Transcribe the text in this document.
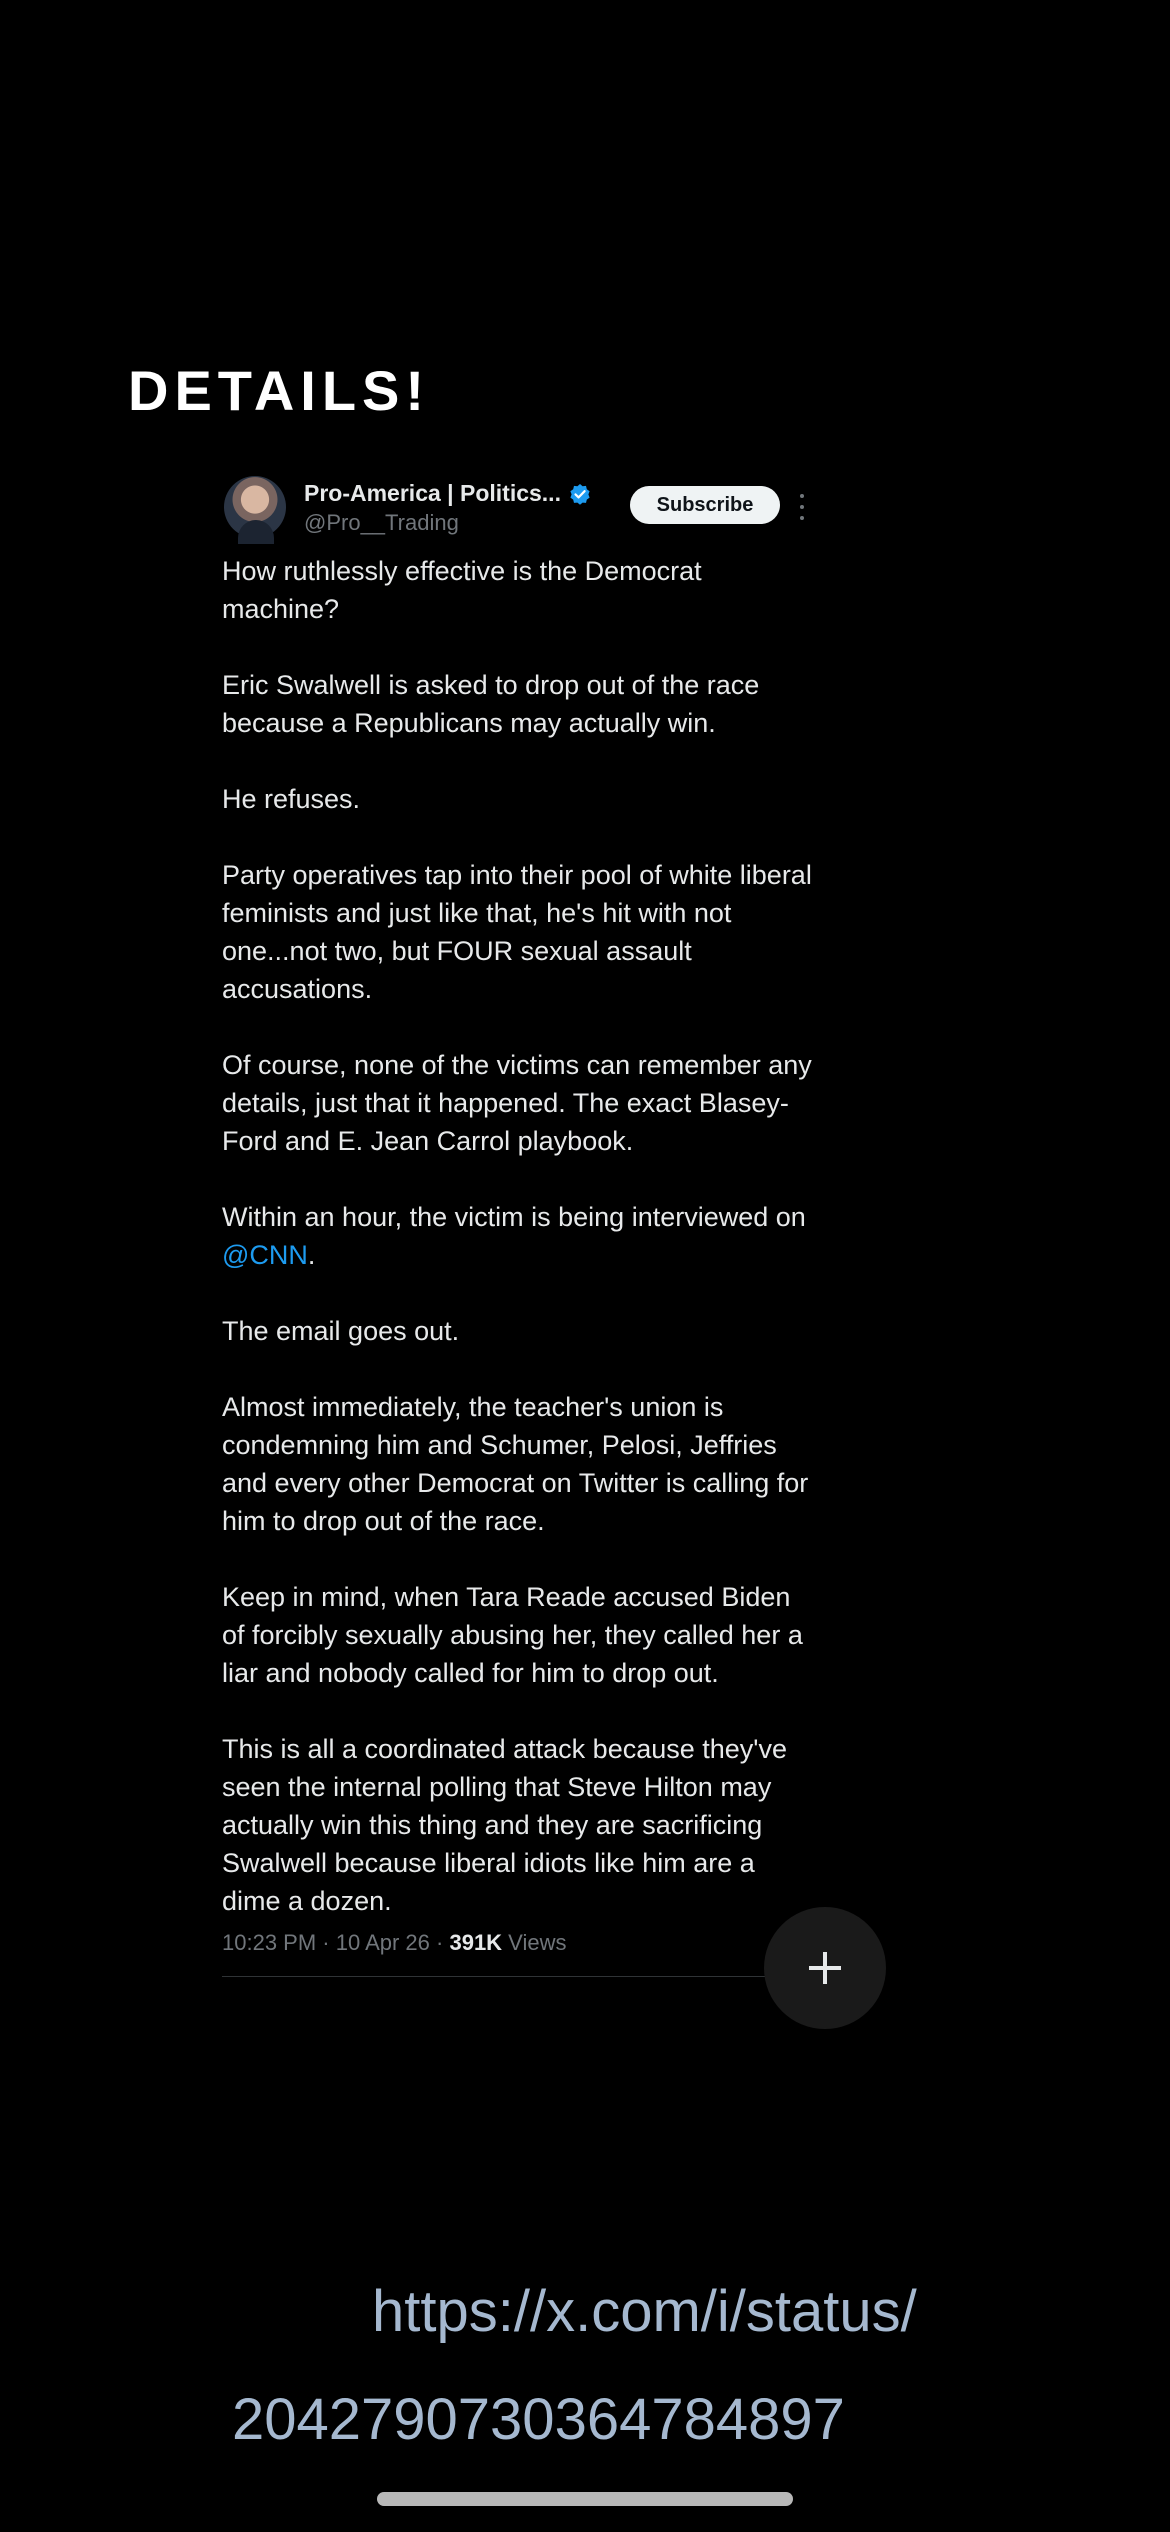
DETAILS!
Pro-America | Politics...
@Pro__Trading
Subscribe

How ruthlessly effective is the Democrat machine?

Eric Swalwell is asked to drop out of the race because a Republicans may actually win.

He refuses.

Party operatives tap into their pool of white liberal feminists and just like that, he's hit with not one...not two, but FOUR sexual assault accusations.

Of course, none of the victims can remember any details, just that it happened. The exact Blasey-Ford and E. Jean Carrol playbook.

Within an hour, the victim is being interviewed on @CNN.

The email goes out.

Almost immediately, the teacher's union is condemning him and Schumer, Pelosi, Jeffries and every other Democrat on Twitter is calling for him to drop out of the race.

Keep in mind, when Tara Reade accused Biden of forcibly sexually abusing her, they called her a liar and nobody called for him to drop out.

This is all a coordinated attack because they've seen the internal polling that Steve Hilton may actually win this thing and they are sacrificing Swalwell because liberal idiots like him are a dime a dozen.

10:23 PM · 10 Apr 26 · 391K Views
https://x.com/i/status/
2042790730364784897
